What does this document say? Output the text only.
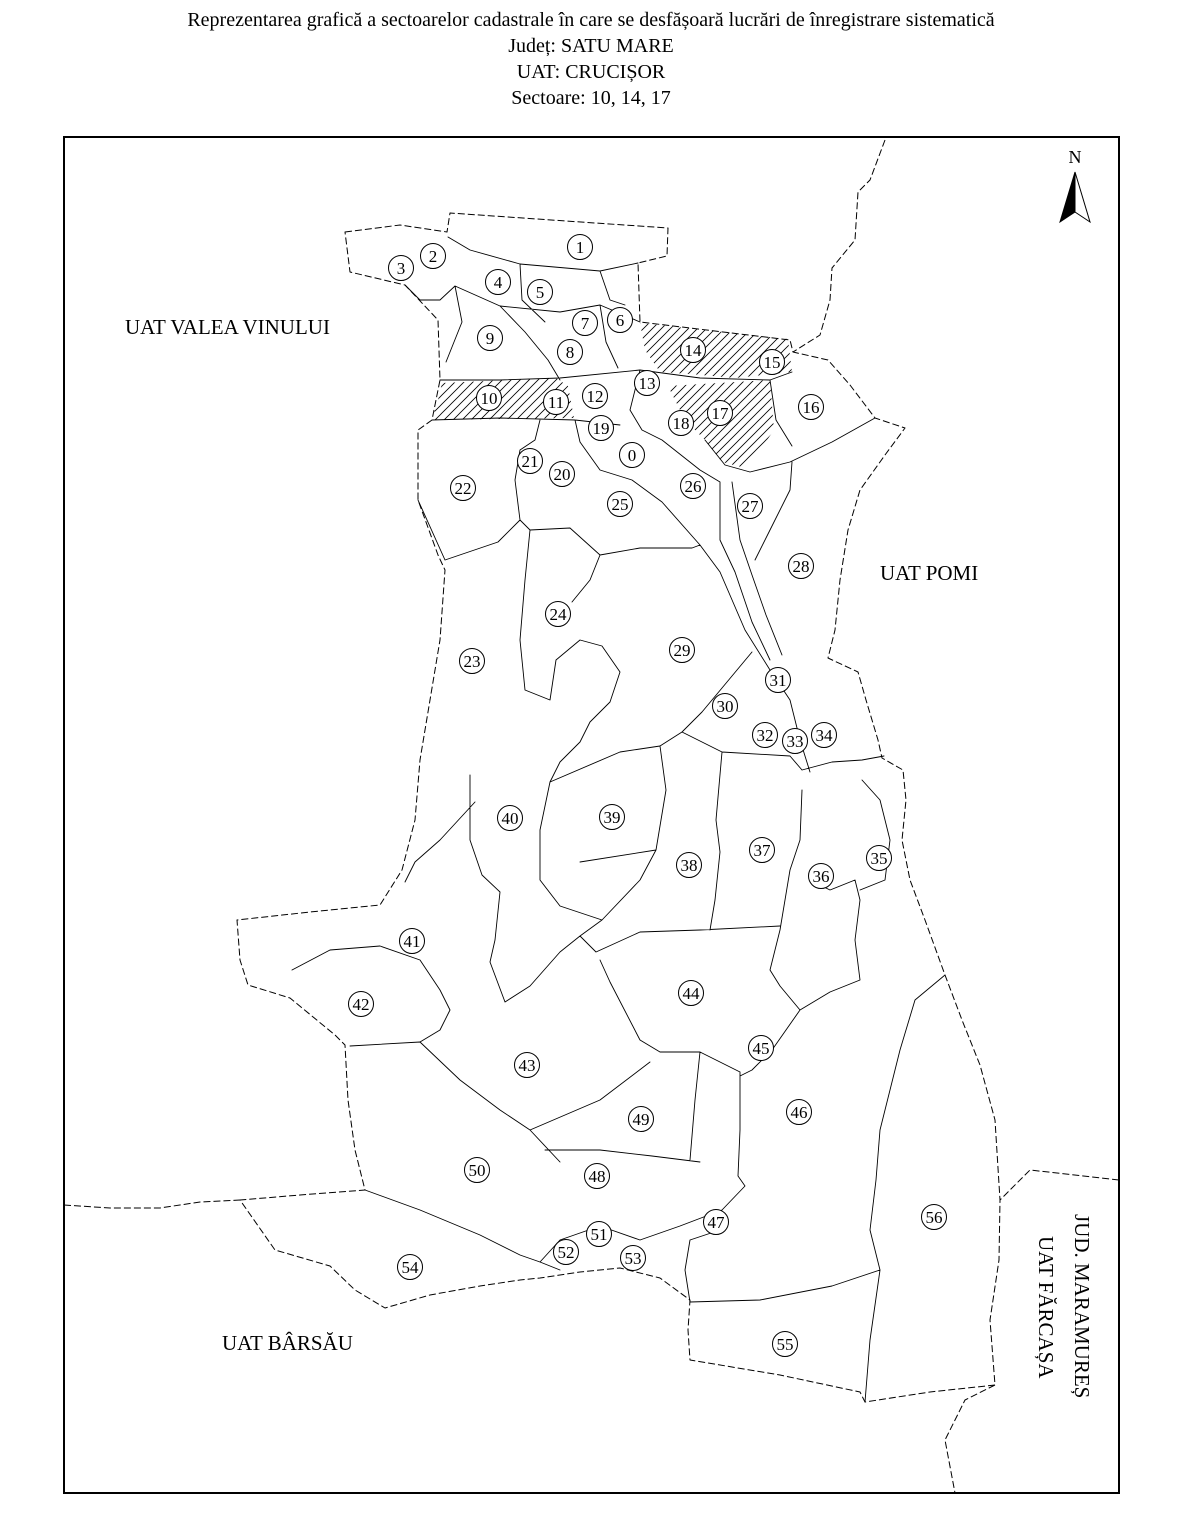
UAT VALEA VINULUI
UAT POMI
UAT BÂRSĂU	JUD. MARAMUREȘ
UAT FĂRCAȘA
N
0
1
2
3
4
5
6
7
8
9
10	11 12
13
14
15
16
17
18
19
20
21
22
23
24
25
26
27
28
29
30
31
32 33 34
35
36
37
38
39
40
41
42
43
44
45
46
47
48
49
50
51
52	53
54
55
56
Reprezentarea grafică a sectoarelor cadastrale în care se desfășoară lucrări de înregistrare sistematică
Județ: SATU MARE
UAT: CRUCIȘOR
Sectoare: 10, 14, 17
